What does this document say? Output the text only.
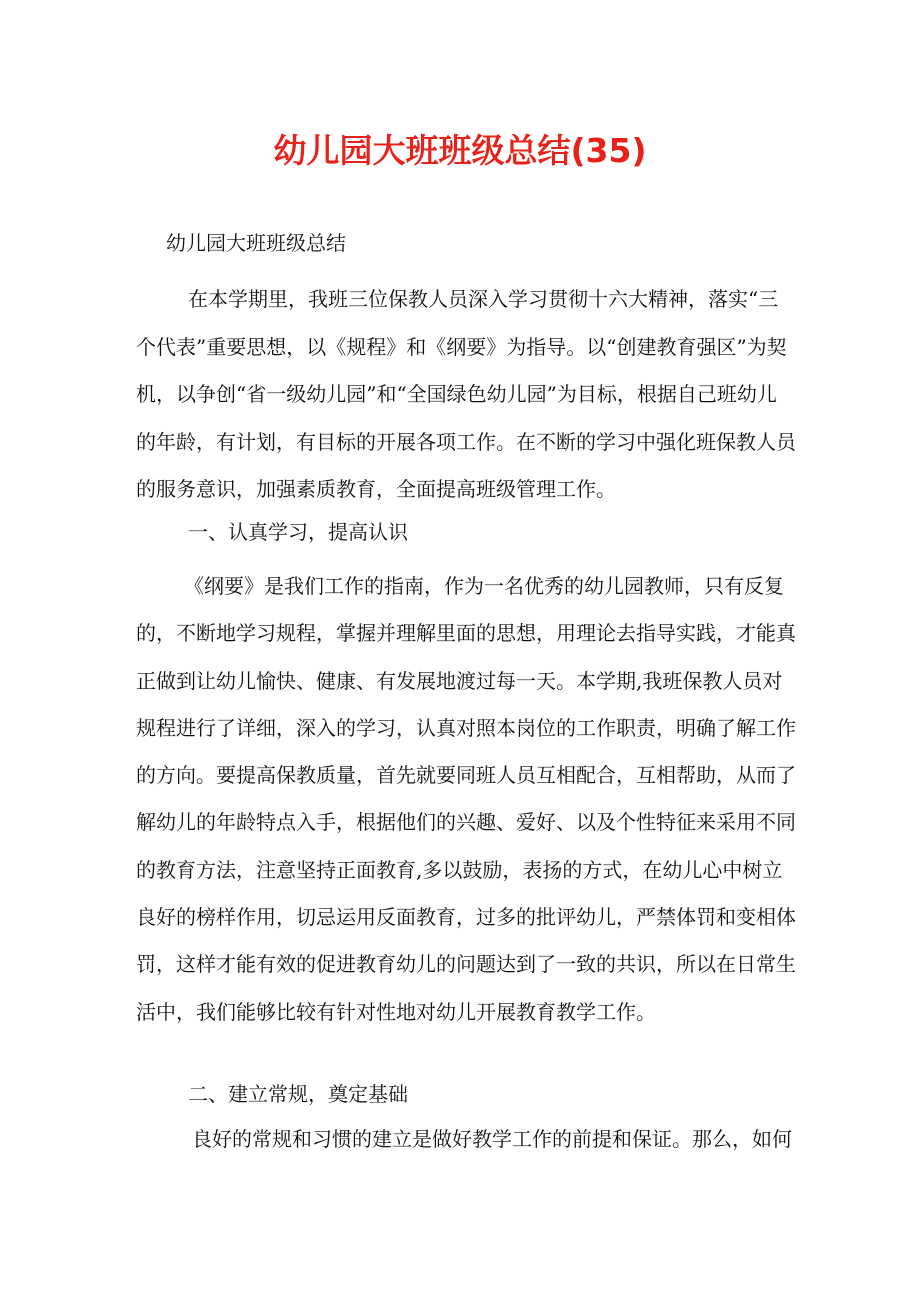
幼儿园大班班级总结(35)
幼儿园大班班级总结
在本学期里，我班三位保教人员深入学习贯彻十六大精神，落实“三个代表”重要思想，以《规程》和《纲要》为指导。以“创建教育强区”为契机，以争创“省一级幼儿园”和“全国绿色幼儿园”为目标，根据自己班幼儿的年龄，有计划，有目标的开展各项工作。在不断的学习中强化班保教人员的服务意识，加强素质教育，全面提高班级管理工作。
一、认真学习，提高认识
《纲要》是我们工作的指南，作为一名优秀的幼儿园教师，只有反复的，不断地学习规程，掌握并理解里面的思想，用理论去指导实践，才能真正做到让幼儿愉快、健康、有发展地渡过每一天。本学期,我班保教人员对规程进行了详细，深入的学习，认真对照本岗位的工作职责，明确了解工作的方向。要提高保教质量，首先就要同班人员互相配合，互相帮助，从而了解幼儿的年龄特点入手，根据他们的兴趣、爱好、以及个性特征来采用不同的教育方法，注意坚持正面教育,多以鼓励，表扬的方式，在幼儿心中树立良好的榜样作用，切忌运用反面教育，过多的批评幼儿，严禁体罚和变相体罚，这样才能有效的促进教育幼儿的问题达到了一致的共识，所以在日常生活中，我们能够比较有针对性地对幼儿开展教育教学工作。
二、建立常规，奠定基础
良好的常规和习惯的建立是做好教学工作的前提和保证。那么，如何
